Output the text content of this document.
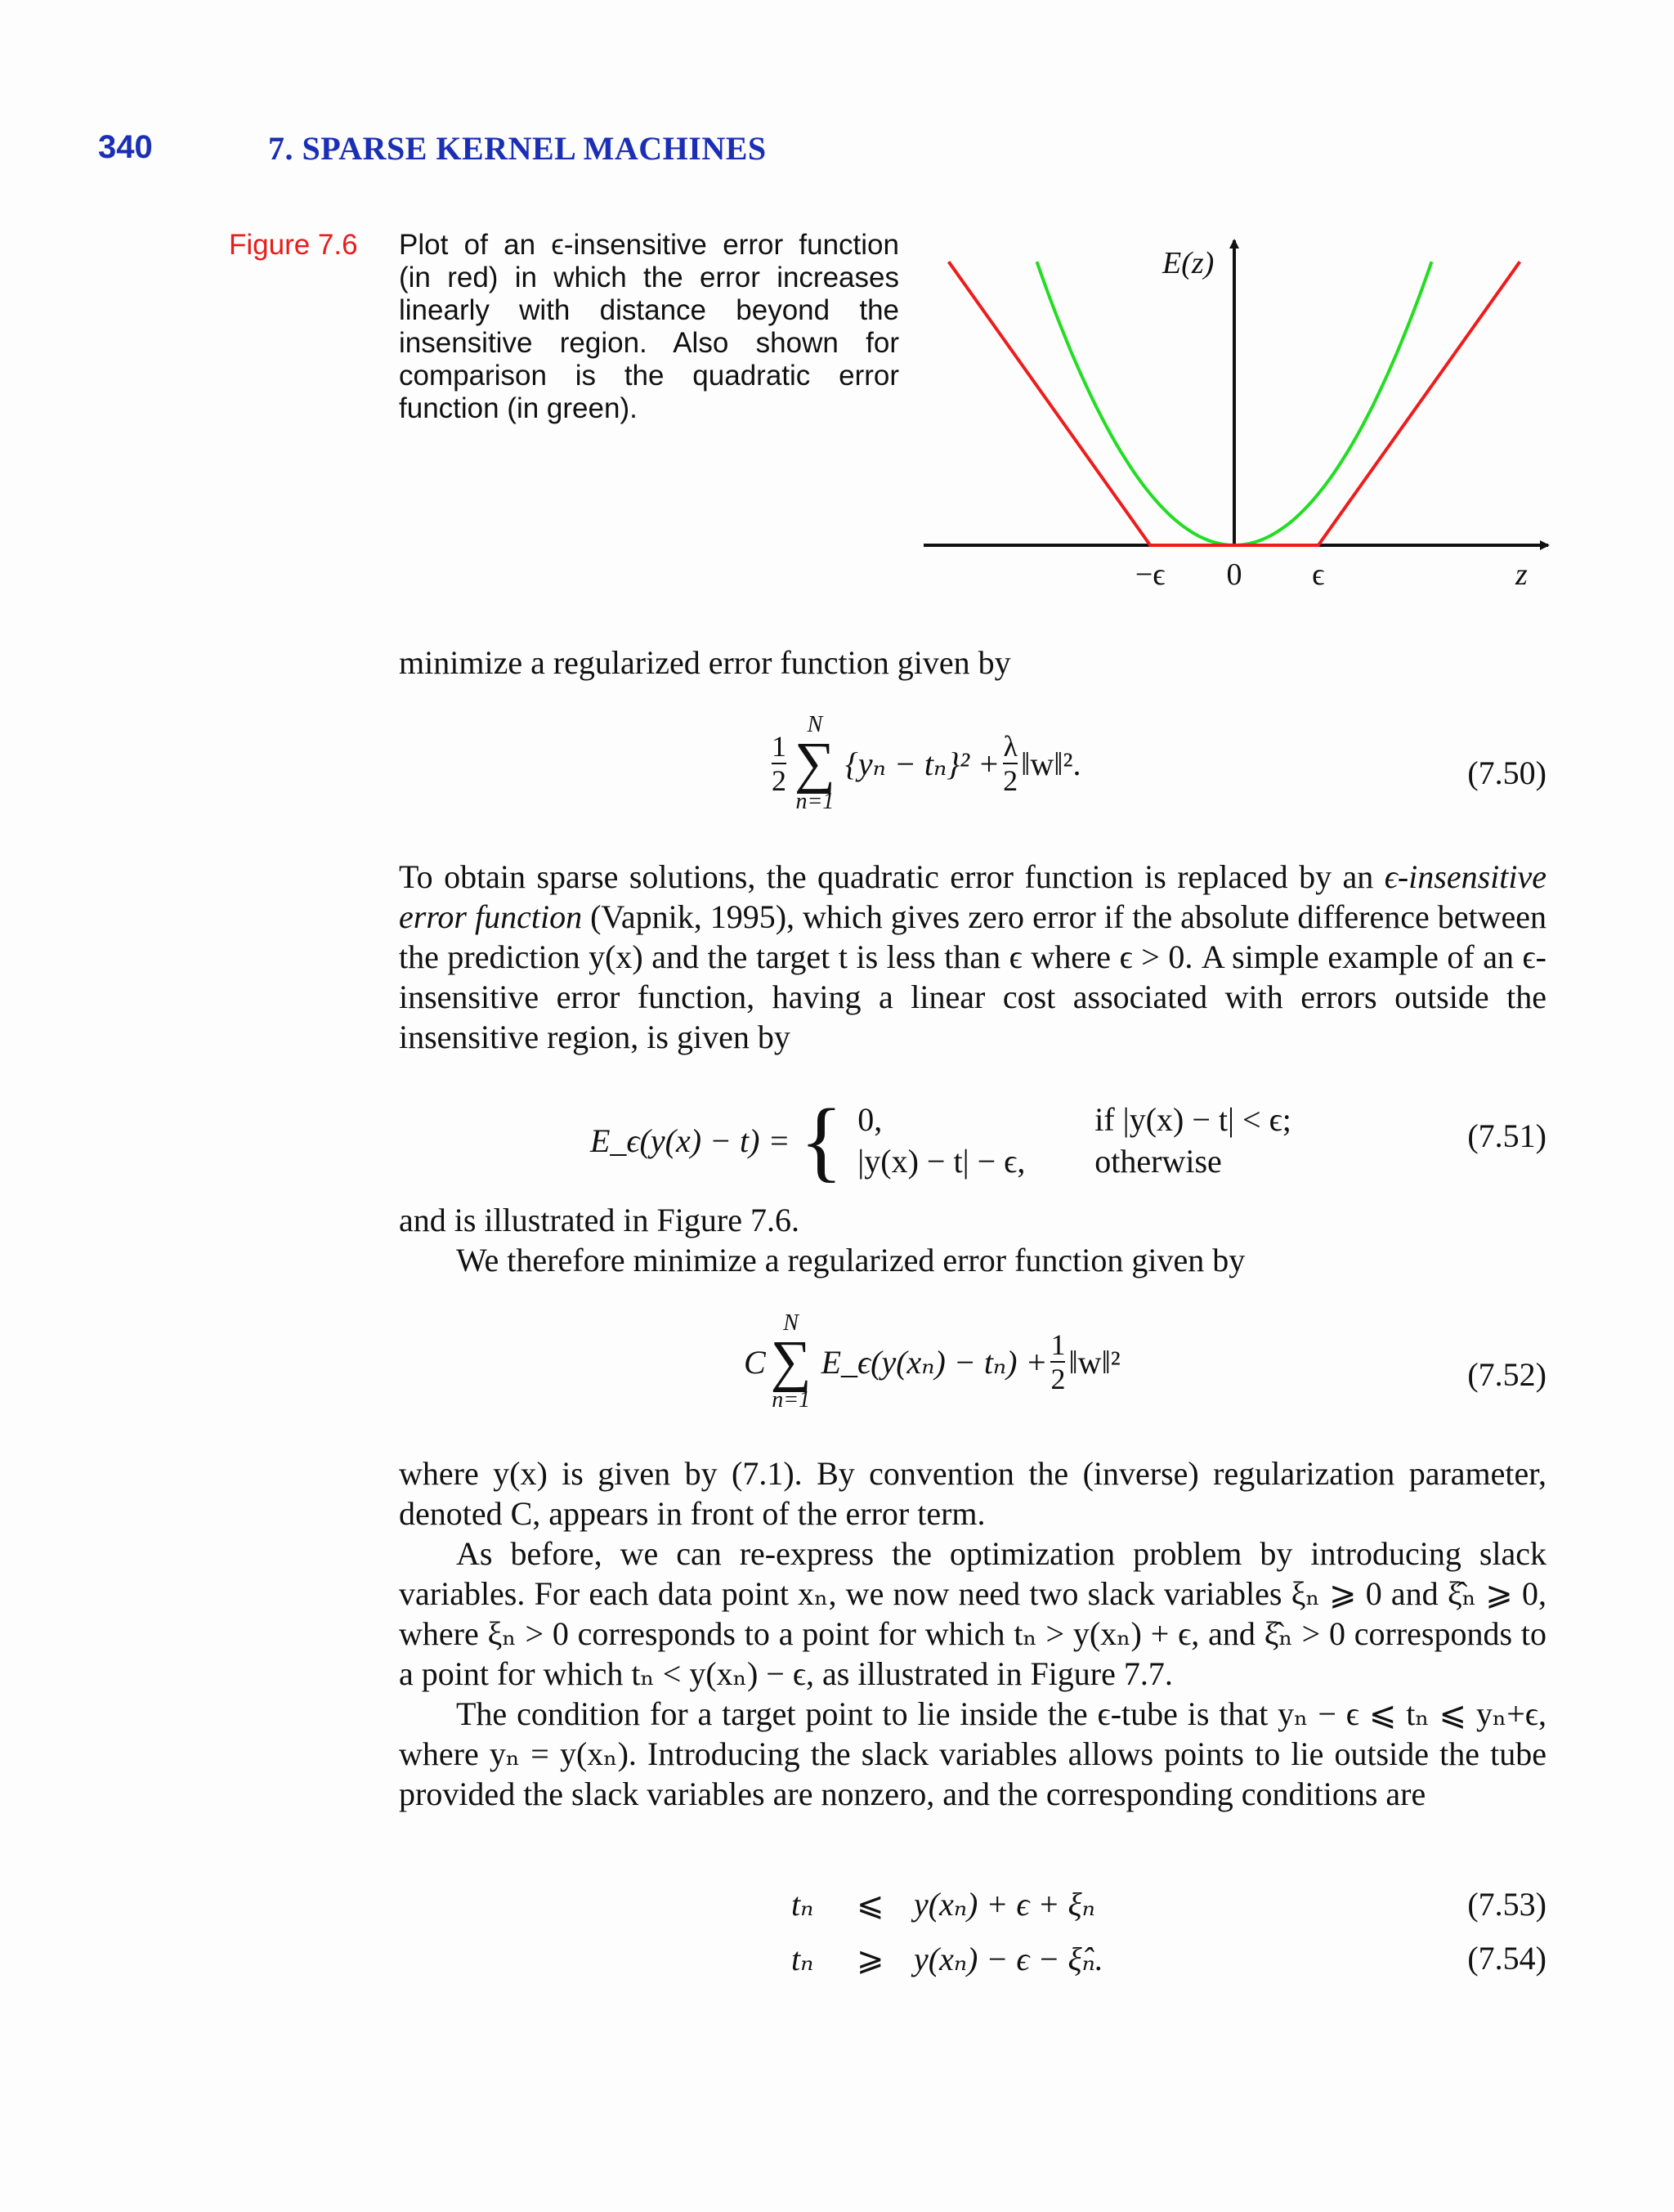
340	7. SPARSE KERNEL MACHINES
Figure 7.6 Plot of an ϵ-insensitive error function (in red) in which the error increases linearly with distance beyond the insensitive region. Also shown for comparison is the quadratic error function (in green).
E(z)
z
−ϵ 0 ϵ
minimize a regularized error function given by
$\frac{1}{2}$
N
∑
n=1
$\{y_n - t_n\}^2 + \frac{\lambda}{2}$ ‖w‖².	(7.50)
To obtain sparse solutions, the quadratic error function is replaced by an ϵ-insensitive error function (Vapnik, 1995), which gives zero error if the absolute difference between the prediction y(x) and the target t is less than ϵ where ϵ > 0. A simple example of an ϵ-insensitive error function, having a linear cost associated with errors outside the insensitive region, is given by
E_ϵ(y(x) − t) = { 0,	if |y(x) − t| < ϵ;
|y(x) − t| − ϵ,	otherwise
(7.51)
and is illustrated in Figure 7.6.
We therefore minimize a regularized error function given by
C
N
∑
n=1
E_ϵ(y(xₙ) − $t_n) + \frac{1}{2}$ ‖w‖²	(7.52)
where y(x) is given by (7.1). By convention the (inverse) regularization parameter, denoted C, appears in front of the error term.
As before, we can re-express the optimization problem by introducing slack variables. For each data point xₙ, we now need two slack variables ξₙ ⩾ 0 and ξ̂ₙ ⩾ 0, where ξₙ > 0 corresponds to a point for which tₙ > y(xₙ) + ϵ, and ξ̂ₙ > 0 corresponds to a point for which tₙ < y(xₙ) − ϵ, as illustrated in Figure 7.7.
The condition for a target point to lie inside the ϵ-tube is that yₙ − ϵ ⩽ tₙ ⩽ yₙ+ϵ, where yₙ = y(xₙ). Introducing the slack variables allows points to lie outside the tube provided the slack variables are nonzero, and the corresponding conditions are
tₙ	⩽ y(xₙ) + ϵ + ξₙ
tₙ	⩾ y(xₙ) − ϵ − ξ̂ₙ.
(7.53)
(7.54)
